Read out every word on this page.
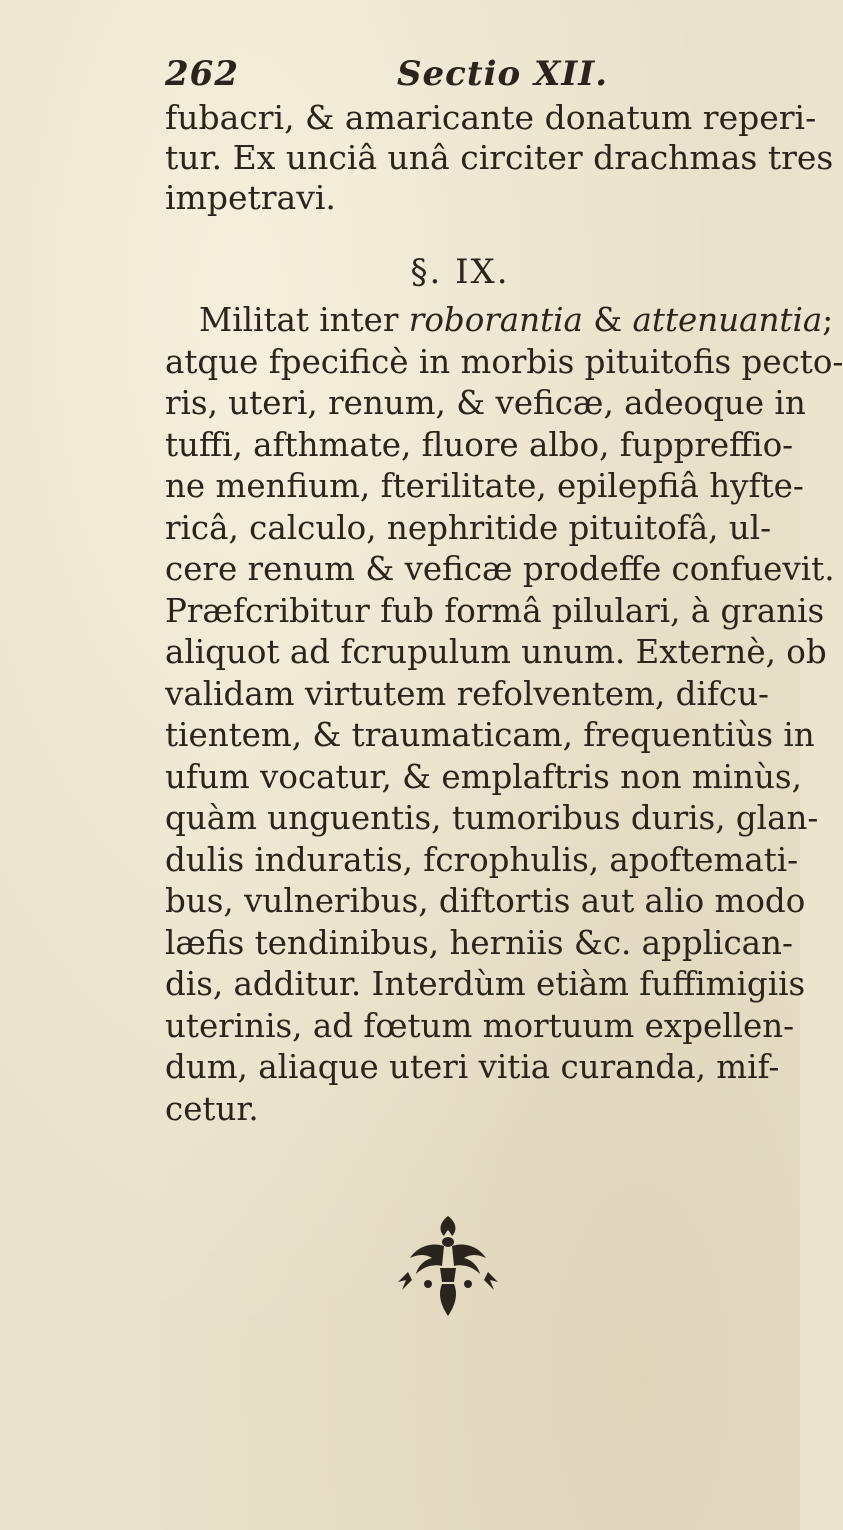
262	Sectio XII.
fubacri, & amaricante donatum reperi-
tur. Ex unciâ unâ circiter drachmas tres
impetravi.
§. IX.
Militat inter roborantia & attenuantia;
atque fpecificè in morbis pituitofis pecto-
ris, uteri, renum, & veficæ, adeoque in
tuffi, afthmate, fluore albo, fuppreffio-
ne menfium, fterilitate, epilepfiâ hyfte-
ricâ, calculo, nephritide pituitofâ, ul-
cere renum & veficæ prodeffe confuevit.
Præfcribitur fub formâ pilulari, à granis
aliquot ad fcrupulum unum. Externè, ob
validam virtutem refolventem, difcu-
tientem, & traumaticam, frequentiùs in
ufum vocatur, & emplaftris non minùs,
quàm unguentis, tumoribus duris, glan-
dulis induratis, fcrophulis, apoftemati-
bus, vulneribus, diftortis aut alio modo
læfis tendinibus, herniis &c. applican-
dis, additur. Interdùm etiàm fuffimigiis
uterinis, ad fœtum mortuum expellen-
dum, aliaque uteri vitia curanda, mif-
cetur.
